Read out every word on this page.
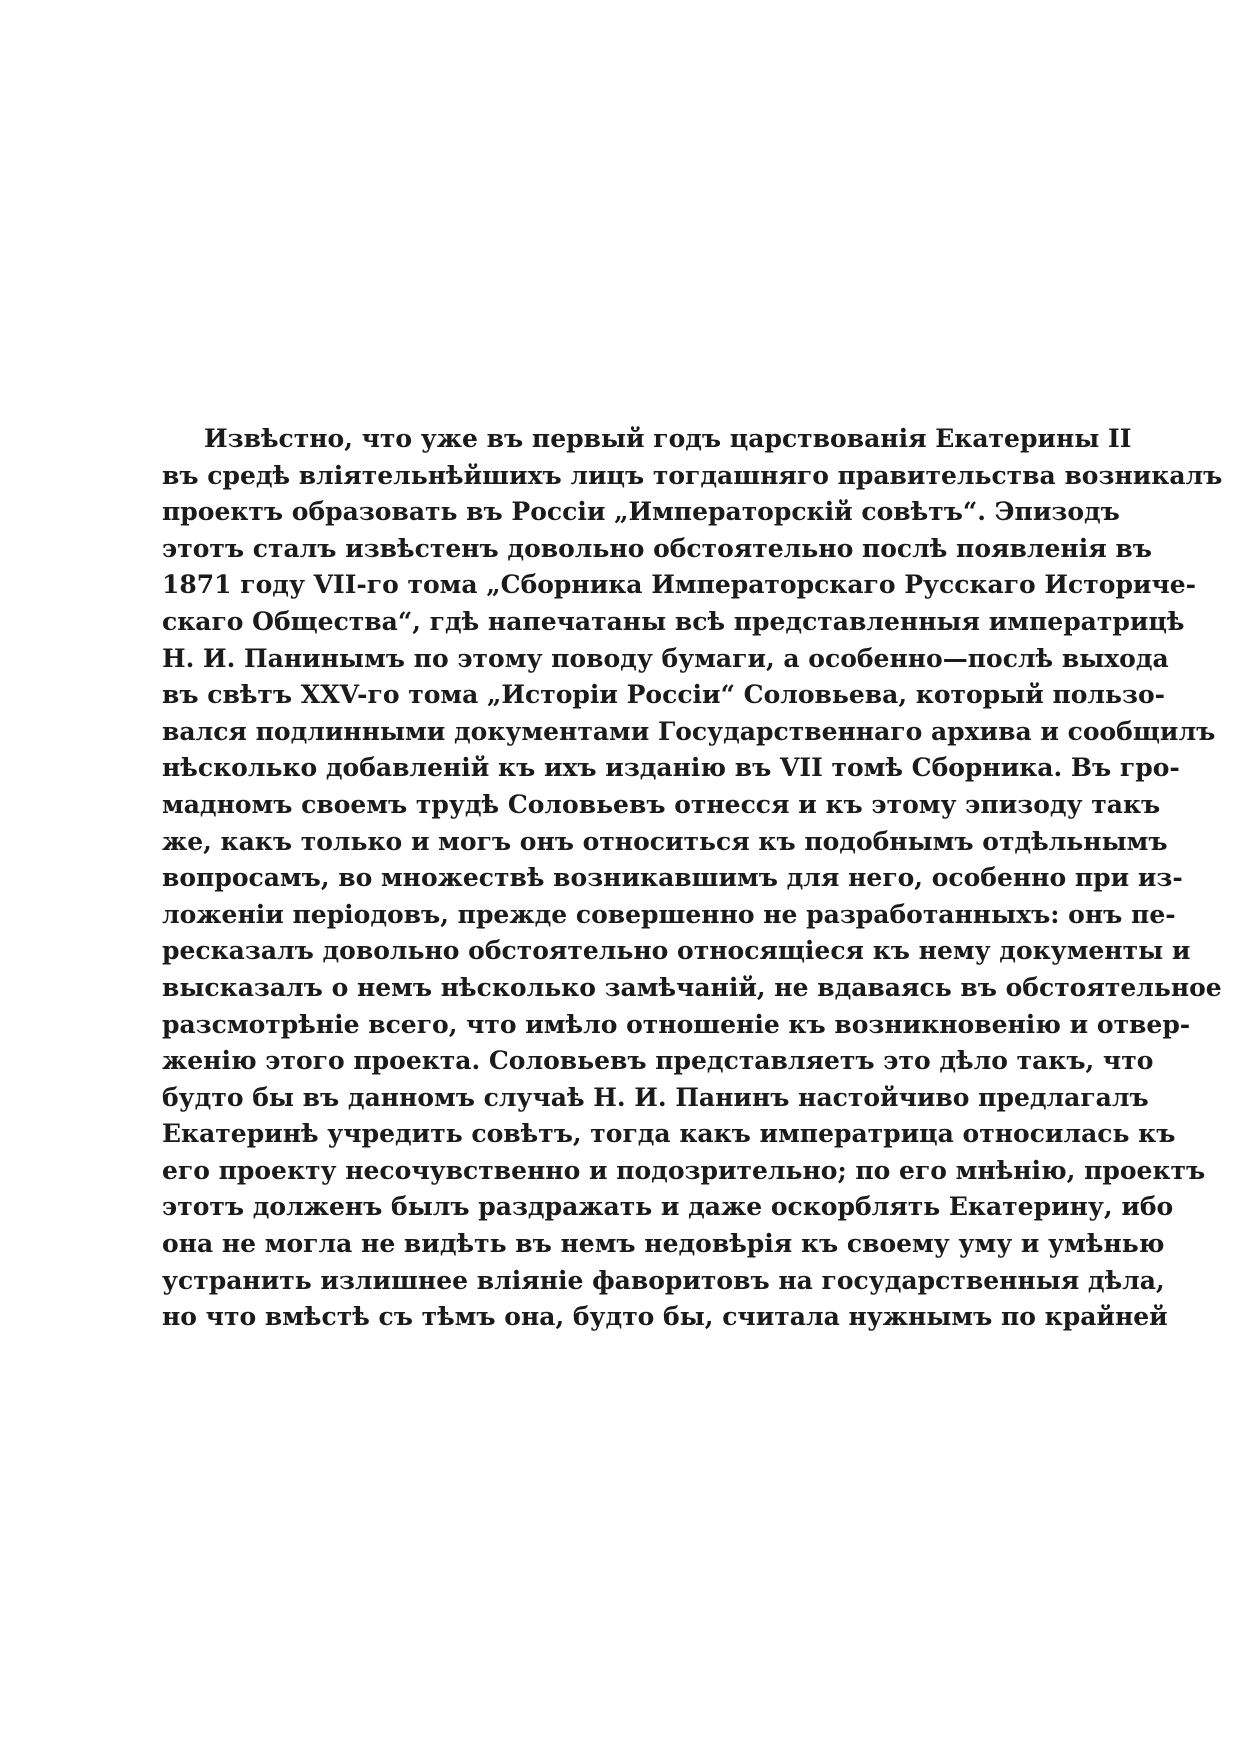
Извѣстно, что уже въ первый годъ царствованія Екатерины II
въ средѣ вліятельнѣйшихъ лицъ тогдашняго правительства возникалъ
проектъ образовать въ Россіи „Императорскій совѣтъ“. Эпизодъ
этотъ сталъ извѣстенъ довольно обстоятельно послѣ появленія въ
1871 году VII-го тома „Сборника Императорскаго Русскаго Историче-
скаго Общества“, гдѣ напечатаны всѣ представленныя императрицѣ
Н. И. Панинымъ по этому поводу бумаги, а особенно—послѣ выхода
въ свѣтъ XXV-го тома „Исторіи Россіи“ Соловьева, который пользо-
вался подлинными документами Государственнаго архива и сообщилъ
нѣсколько добавленій къ ихъ изданію въ VII томѣ Сборника. Въ гро-
мадномъ своемъ трудѣ Соловьевъ отнесся и къ этому эпизоду такъ
же, какъ только и могъ онъ относиться къ подобнымъ отдѣльнымъ
вопросамъ, во множествѣ возникавшимъ для него, особенно при из-
ложеніи періодовъ, прежде совершенно не разработанныхъ: онъ пе-
ресказалъ довольно обстоятельно относящіеся къ нему документы и
высказалъ о немъ нѣсколько замѣчаній, не вдаваясь въ обстоятельное
разсмотрѣніе всего, что имѣло отношеніе къ возникновенію и отвер-
женію этого проекта. Соловьевъ представляетъ это дѣло такъ, что
будто бы въ данномъ случаѣ Н. И. Панинъ настойчиво предлагалъ
Екатеринѣ учредить совѣтъ, тогда какъ императрица относилась къ
его проекту несочувственно и подозрительно; по его мнѣнію, проектъ
этотъ долженъ былъ раздражать и даже оскорблять Екатерину, ибо
она не могла не видѣть въ немъ недовѣрія къ своему уму и умѣнью
устранить излишнее вліяніе фаворитовъ на государственныя дѣла,
но что вмѣстѣ съ тѣмъ она, будто бы, считала нужнымъ по крайней
